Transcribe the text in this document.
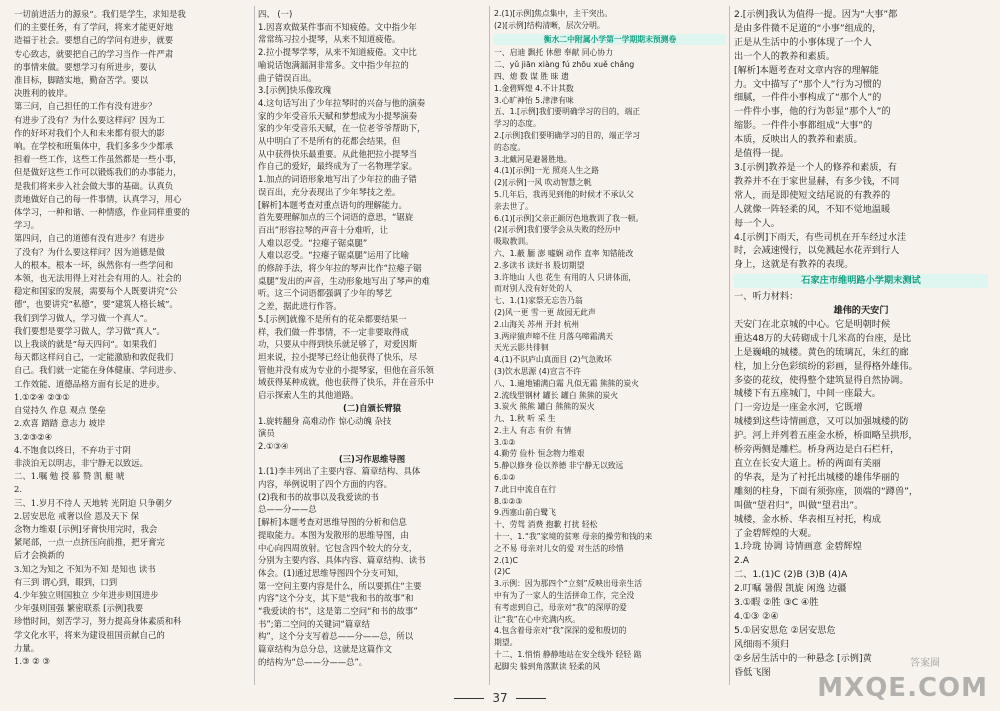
一切前进活力的源泉”。我们是学生，求知是我

们的主要任务，有了学问，将来才能更好地

造福于社会。要想自己的学问有进步，就要

专心致志，就要把自己的学习当作一件严肃

的事情来做。要想学习有所进步，要认

准目标，脚踏实地，勤奋苦学。要以

决胜利的彼岸。

第三问，自己担任的工作有没有进步？

有进步了没有？为什么要这样问？因为工

作的好坏对我们个人和未来都有很大的影

响。在学校和班集体中，我们多多少少都承

担着一些工作，这些工作虽然都是一些小事，

但是做好这些工作可以锻炼我们的办事能力，

是我们将来步入社会做大事的基础。认真负

责地做好自己的每一件事情，认真学习，用心

体学习，一种和谐、一种情感，作业同样重要的

学习。

第四问，自己的道德有没有进步？有进步

了没有？为什么要这样问？因为道德是做

人的根本。根本一坏，纵然你有一些学问和

本领，也无法用得上对社会有用的人。社会的

稳定和国家的发展，需要每个人既要讲究“公

德”，也要讲究“私德”，要“建筑人格长城”。

我们到学习做人，学习做一个真人”。

我们要想是要学习做人，学习做“真人”。

以上我谈的就是“每天四问”。如果我们

每天都这样问自己，一定能激励和敦促我们

自己。我们就一定能在身体健康、学问进步、

工作效能、道德品格方面有长足的进步。

1.①②④ ②③①

自觉持久 作息 观点 堡垒

2.欢喜 踏踏 意志力 坡岸

3.②③②④

4.不饱食以终日，不弃功于寸阴

非淡泊无以明志，非宁静无以致远。

二、1.嘱 勉 授 慕 赞 凯 艇 唬

2.

三、1.岁月不待人 天地转 光阴迫 只争朝夕

2.居安思危 戒奢以俭 恩及天下 保

念物力维艰 [示例]牙膏快用完时，我会

紧尾部，一点一点挤压向前推，把牙膏完

后才会换新的

3.知之为知之 不知为不知 是知也 读书

有三到 谓心到，眼到，口到

4.少年独立则国独立 少年进步则国进步

少年强则国强 繁密联系 [示例]我要

珍惜时间，刻苦学习，努力提高身体素质和科

学文化水平，将来为建设祖国贡献自己的

力量。

1.③ ② ③

四、 (一)

1.因喜欢做某件事而不知疲倦。文中指少年

常常练习拉小提琴，从来不知道疲倦。

2.拉小提琴学琴，从来不知道疲倦。文中比

喻说话饱满漏洞非常多。文中指少年拉的

曲子错误百出。

3.[示例]快乐像玫瑰

4.这句话写出了少年拉琴时的兴奋与他的演奏

家的少年受音乐天赋和梦想成为小提琴演奏

家的少年受音乐天赋，在一位老爷爷帮助下，

从中明白了不是所有的花都会结果，但

从中获得快乐最重要。从此他把拉小提琴当

作自己的爱好，最终成为了一名物理学家。

1.加点的词语形象地写出了少年拉的曲子错

误百出，充分表现出了少年琴技之差。

[解析]本题考查对重点语句的理解能力。

首先要理解加点的三个词语的意思，“锯旋

百出”形容拉琴的声音十分难听，让

人难以忍受。“拉瘪子锯桌腿”

人难以忍受。“拉瘪子锯桌腿”运用了比喻

的修辞手法，将少年拉的琴声比作“拉瘪子锯

桌腿”发出的声音，生动形象地写出了琴声的难

听。这三个词语都强调了少年的琴艺

之差，据此进行作答。

5.[示例]就像不是所有的花朵都要结果一

样，我们做一件事情，不一定非要取得成

功，只要从中得到快乐就足够了，对爱因斯

坦来说，拉小提琴已经让他获得了快乐，尽

管他并没有成为专业的小提琴家，但他在音乐领

域获得某种成就，他也获得了快乐，并在音乐中

启示探索人生的其他道路。

(二)自颁长臂猿

1.旋转翻身 高难动作 惊心动魄 杂技

演员

2.①③④

(三)习作思维导图

1.(1)李丰列出了主要内容、篇章结构、具体

内容，举例说明了四个方面的内容。

(2)我和书的故事以及我爱读的书

总——分——总

[解析]本题考查对思维导图的分析和信息

提取能力。本图为发散形的思维导图，由

中心向四周放射。它包含四个较大的分支，

分别为主要内容、具体内容、篇章结构、读书

体会。(1)通过思维导图四个分支可知，

第一空问主要内容是什么，所以要抓住“主要

内容”这个分支，其下是“我和书的故事”和

“我爱读的书”，这是第二空问“和书的故事”

书”;第二空问的关键词“篇章结

构”，这个分支写着总——分——总，所以

篇章结构为总分总，这就是这篇作文

的结构为“总——分——总”。

2.(1)[示例]焦点集中，主干突出。

(2)[示例]结构清晰，层次分明。

衡水二中附属小学第一学期期末预测卷

一、启迪 飘托 休憩 奉献 同心协力

二、yǔ jiān xiàng fú zhōu xuě chǎng

四、熄 数 谋 胜 昧 遗

1.金碧辉煌 4.不计其数

3.心旷神怡 5.津津有味

五、1.[示例]我们要明确学习的目的，端正

学习的态度。

2.[示例]我们要明确学习的目的，端正学习

的态度。

3.北戴河是避暑胜地。

4.(1)[示例]一光 照亮人生之路

(2)[示例]一风 吹动智慧之帆

5.几年后，我再见到他的时候才不承认父

亲去世了。

6.(1)[示例]父亲正颜厉色地教训了我一顿。

(2)[示例]我们要学会从失败的经历中

吸取教训。

六、1.蔽 腼 澎 嘘娴 动作 直率 知错能改

2.多读书 读好书 股切期望

3.许地山 人也 花生 有用的人 只讲体面，

而对别人没有好处的人

七、1.(1)家祭无忘告乃翁

(2)风一更 雪一更 故园无此声

2.山海关 苏州 开封 杭州

3.两岸猿声啼不住 月落乌啼霜满天

天光云影共徘徊

4.(1)不识庐山真面目 (2)气急败坏

(3)饮水思源 (4)宣言不许

八、1.遍地铺满白霜 凡似无霜 熊熊的炭火

2.流线型钢材 罐长 罐白 熊熊的炭火

3.炭火 熊熊 罐白 熊熊的炭火

九、1.秋 听 采 生

2.主人 有志 有价 有情

3.①②

4.勤劳 俭朴 恒念物力维艰

5.静以修身 俭以养德 非宁静无以致远

6.①②

7.此日中流自在行

8.①②③

9.西塞山前白鹭飞

十、劳驾 消费 抱歉 打扰 轻松

十一、1.“我”家境的贫寒 母亲的操劳和钱的来

之不易 母亲对儿女的爱 对生活的珍惜

2.(1)C

(2)C

3.示例：因为那四个“立刻”反映出母亲生活

中有为了一家人的生活拼命工作，完全没

有考虑到自己，母亲对“我”的深厚的爱

让“我”在心中充满内疚。

4.包含着母亲对“我”深深的爱和殷切的

期望。

十二、1.悄悄 静静地站在安全线外 轻轻 踮

起脚尖 躲到角落默读 轻柔的风

2.[示例]我认为值得一提。因为“大事”都

是由多件微不足道的“小事”组成的，

正是从生活中的小事体现了一个人

出一个人的教养和素质。

[解析]本题考查对文章内容的理解能

力。文中描写了“那个人”行为习惯的

细腻，一件件小事构成了“那个人”的

一件件小事，他的行为彰显“那个人”的

缩影。一件件小事都组成“大事”的

本质，反映出人的教养和素质。

是值得一提。

3.[示例]教养是一个人的修养和素质，有

教养并不在于家世显赫，有多少钱，不同

常人，而是即使短文结尾说的有教养的

人就像一阵轻柔的风，不知不觉地温暖

每一个人。

4.[示例]下雨天，有些司机在开车经过水洼

时，会减速慢行，以免溅起水花弄到行人

身上，这就是有教养的表现。

石家庄市维明路小学期末测试

一、听力材料：

雄伟的天安门

天安门在北京城的中心。它是明朝时候

重达48万的大砖砌成十几米高的台座，是比

上是巍峨的城楼。黄色的琉璃瓦，朱红的廊

柱，加上分色彩缤纷的彩画，显得格外雄伟。

多姿的花纹，使得整个建筑显得自然协调。

城楼下有五座城门，中间一座最大。

门一旁边是一座金水河，它既增

城楼到这些诗情画意，又可以加强城楼的防

护。河上并列着五座金水桥，桥面略呈拱形，

桥旁两侧是雕栏。桥身两边是白石栏杆，

直立在长安大道上。桥的两面有美丽

的华表，是为了衬托出城楼的雄伟华丽的

雕刻的柱身，下面有须弥座，顶端的“蹲兽”，

叫做“望君归”，叫做“望君出”。

城楼，金水桥、华表相互衬托，构成

了金碧辉煌的大观。

1.玲珑 协调 诗情画意 金碧辉煌

2.A

二、1.(1)C (2)B (3)B (4)A

2.叮嘱 暑假 凯旋 闲逸 边疆

3.①暇 ②胜 ③C ④胜

4.①③ ②④

5.①居安思危 ②居安思危

风细雨不须归

②乡居生活中的一种悬念 [示例]黄

昏低飞图

37
答案圈
MXQE.COM
